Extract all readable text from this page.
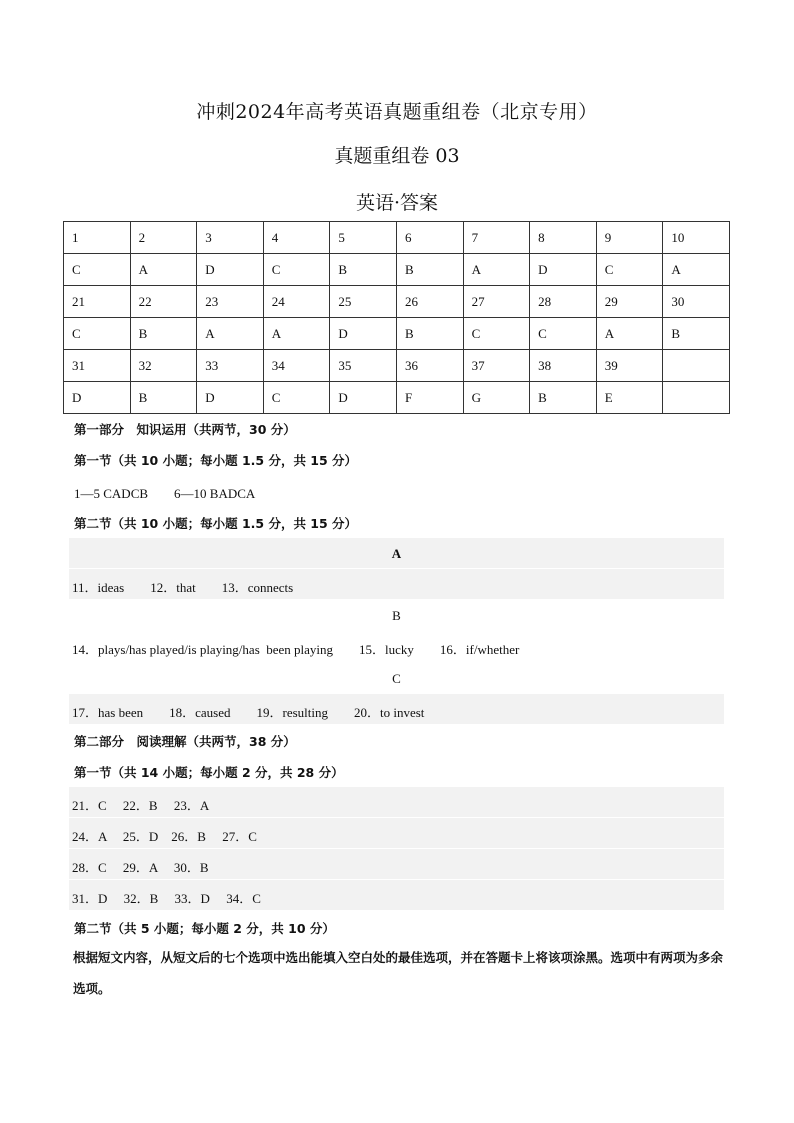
冲刺2024年高考英语真题重组卷（北京专用）
真题重组卷 03
英语·答案
1	2	3	4	5	6	7	8	9	10
C	A	D	C	B	B	A	D	C	A
21	22	23	24	25	26	27	28	29	30
C	B	A	A	D	B	C	C	A	B
31	32	33	34	35	36	37	38	39	
D	B	D	C	D	F	G	B	E	
第一部分　知识运用（共两节，30 分）
第一节（共 10 小题；每小题 1.5 分，共 15 分）
1—5 CADCB　　6—10 BADCA
第二节（共 10 小题；每小题 1.5 分，共 15 分）
A
11．ideas　　12．that　　13．connects
B
14．plays/has played/is playing/has  been playing　　15．lucky　　16．if/whether
C
17．has been　　18．caused　　19．resulting　　20．to invest
第二部分　阅读理解（共两节，38 分）
第一节（共 14 小题；每小题 2 分，共 28 分）
21．C　 22．B　 23．A
24．A　 25．D　26．B　 27．C
28．C　 29．A　 30．B
31．D　 32．B　 33．D　 34．C
第二节（共 5 小题；每小题 2 分，共 10 分）
根据短文内容，从短文后的七个选项中选出能填入空白处的最佳选项，并在答题卡上将该项涂黑。选项中有两项为多余选项。
